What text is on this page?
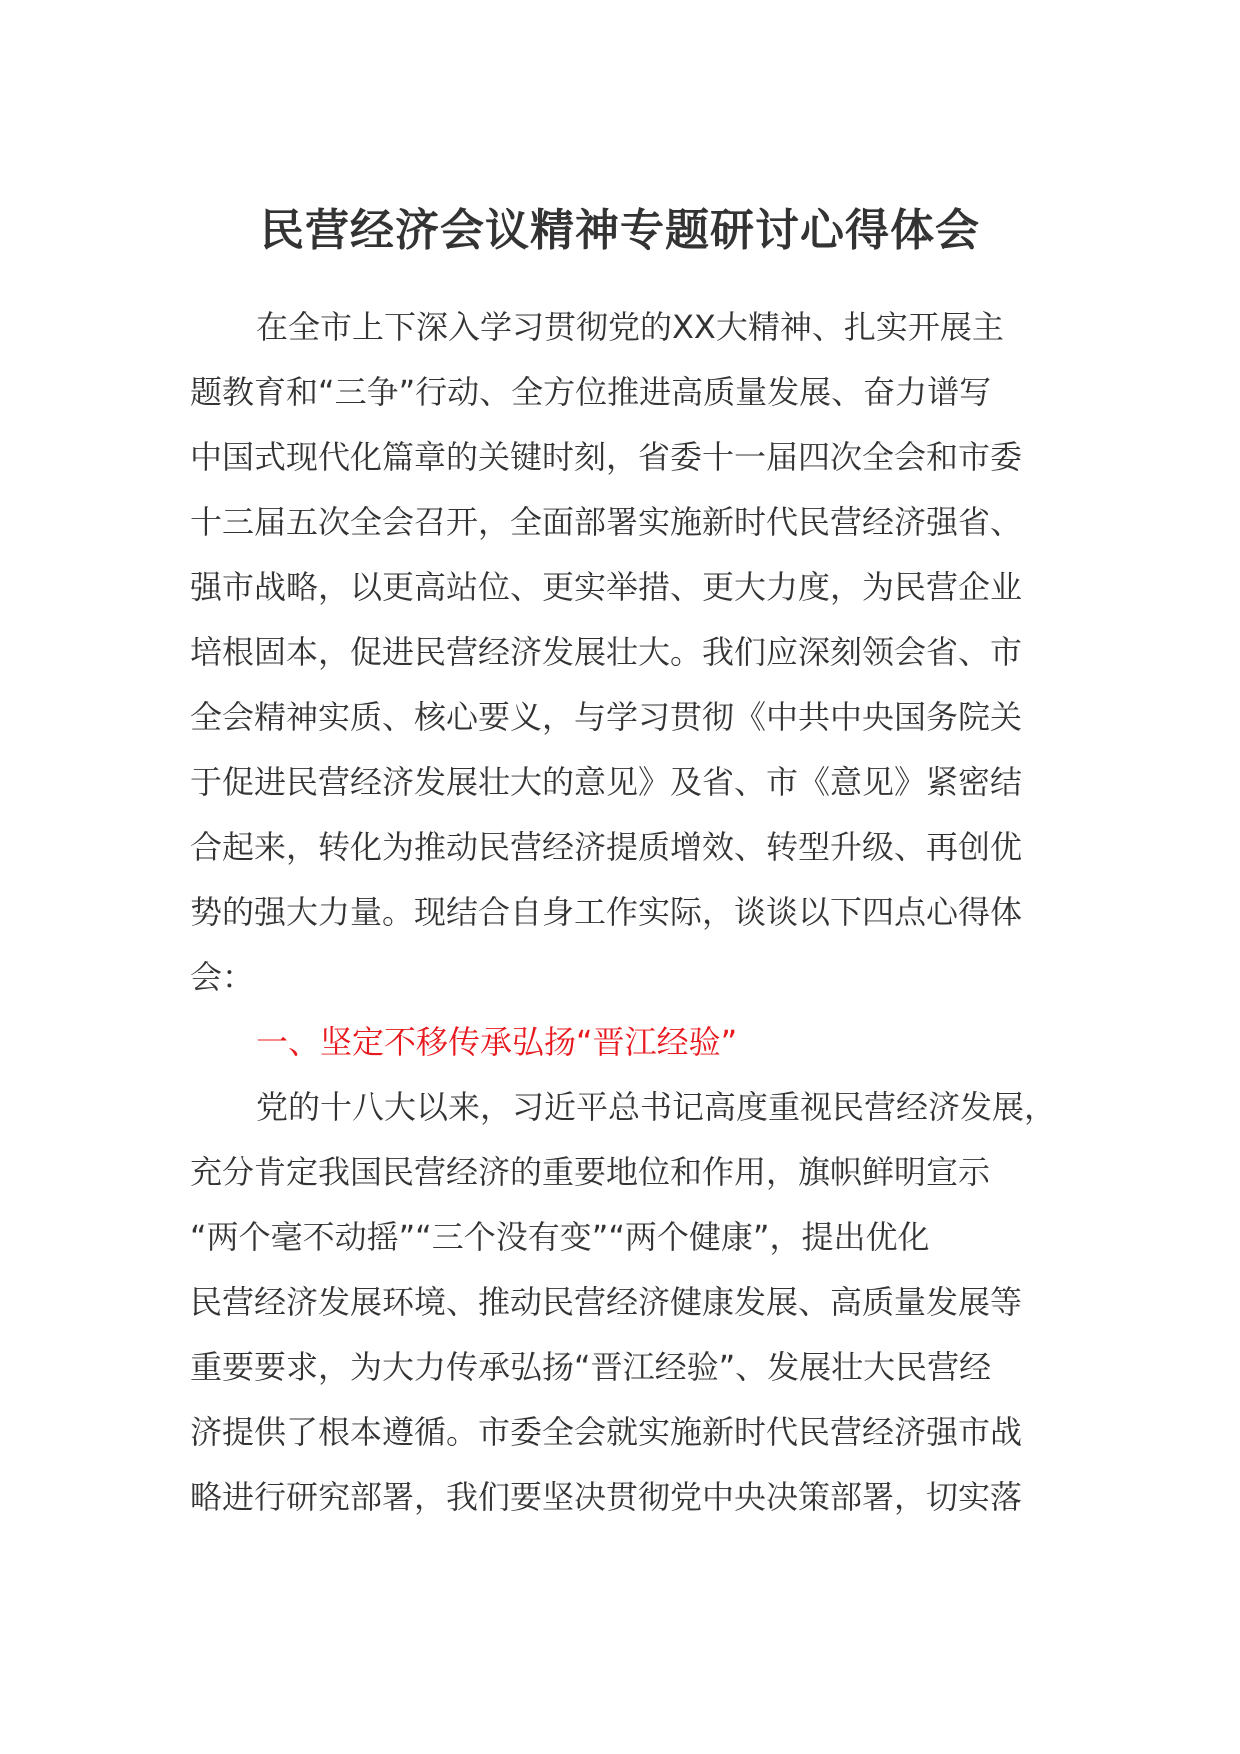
民营经济会议精神专题研讨心得体会
在全市上下深入学习贯彻党的XX大精神、扎实开展主
题教育和“三争”行动、全方位推进高质量发展、奋力谱写
中国式现代化篇章的关键时刻，省委十一届四次全会和市委
十三届五次全会召开，全面部署实施新时代民营经济强省、
强市战略，以更高站位、更实举措、更大力度，为民营企业
培根固本，促进民营经济发展壮大。我们应深刻领会省、市
全会精神实质、核心要义，与学习贯彻《中共中央国务院关
于促进民营经济发展壮大的意见》及省、市《意见》紧密结
合起来，转化为推动民营经济提质增效、转型升级、再创优
势的强大力量。现结合自身工作实际，谈谈以下四点心得体
会：
一、坚定不移传承弘扬“晋江经验”
党的十八大以来，习近平总书记高度重视民营经济发展，
充分肯定我国民营经济的重要地位和作用，旗帜鲜明宣示
“两个毫不动摇”“三个没有变”“两个健康”，提出优化
民营经济发展环境、推动民营经济健康发展、高质量发展等
重要要求，为大力传承弘扬“晋江经验”、发展壮大民营经
济提供了根本遵循。市委全会就实施新时代民营经济强市战
略进行研究部署，我们要坚决贯彻党中央决策部署，切实落
